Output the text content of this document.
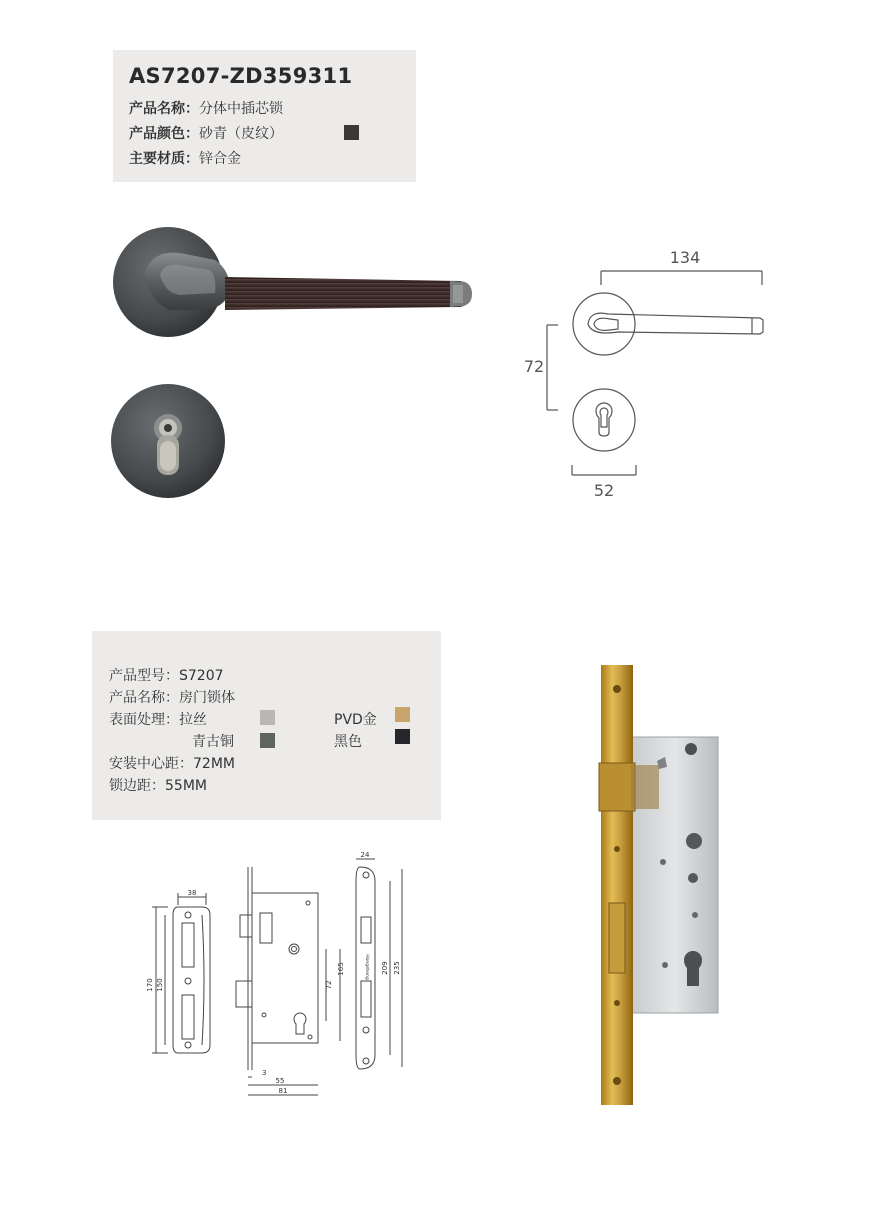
AS7207-ZD359311
产品名称：分体中插芯锁
产品颜色：砂青（皮纹）
主要材质：锌合金
134
72
52
产品型号：S7207
产品名称：房门锁体
表面处理：拉丝	PVD金
青古铜	黑色
安装中心距：72MM
锁边距：55MM
38
170 150
3
55
81
72
165
24
209 235
Hongsheng
